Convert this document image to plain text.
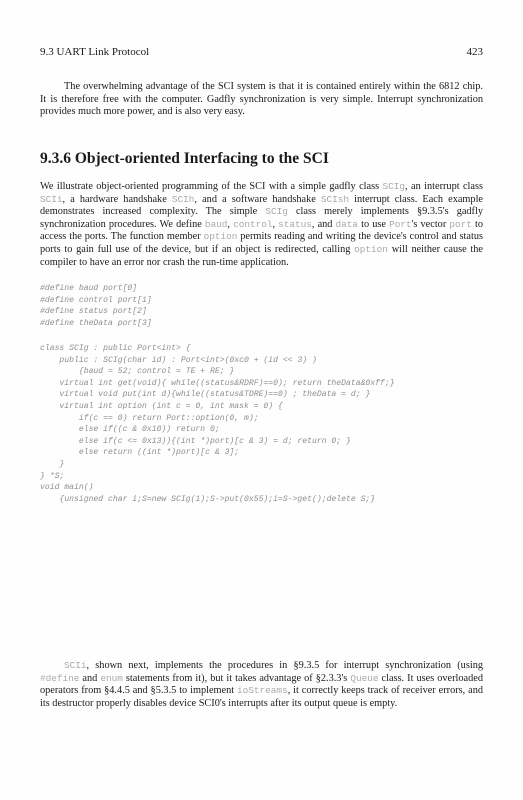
9.3 UART Link Protocol	423

The overwhelming advantage of the SCI system is that it is contained entirely within the 6812 chip. It is therefore free with the computer. Gadfly synchronization is very simple. Interrupt synchronization provides much more power, and is also very easy.

9.3.6 Object-oriented Interfacing to the SCI

We illustrate object-oriented programming of the SCI with a simple gadfly class SCIg, an interrupt class SCIi, a hardware handshake SCIh, and a software handshake SCIsh interrupt class. Each example demonstrates increased complexity. The simple SCIg class merely implements §9.3.5's gadfly synchronization procedures. We define baud, control, status, and data to use Port's vector port to access the ports. The function member option permits reading and writing the device's control and status ports to gain full use of the device, but if an object is redirected, calling option will neither cause the compiler to have an error nor crash the run-time application.

#define baud port[0]
#define control port[1]
#define status port[2]
#define theData port[3]
class SCIg : public Port<int> {
public : SCIg(char id) : Port<int>(0xc0 + (id << 3) )
{baud = 52; control = TE + RE; }
virtual int get(void){ while((status&RDRF)==0); return theData&0xff;}
virtual void put(int d){while((status&TDRE)==0) ; theData = d; }
virtual int option (int c = 0, int mask = 0) {
if(c == 0) return Port::option(0, m);
else if((c & 0x10)) return 0;
else if(c <= 0x13)){(int *)port)[c & 3) = d; return 0; }
else return ((int *)port)[c & 3];
}
} *S;
void main()
{unsigned char i;S=new SCIg(1);S->put(0x55);i=S->get();delete S;}

SCIi, shown next, implements the procedures in §9.3.5 for interrupt synchronization (using #define and enum statements from it), but it takes advantage of §2.3.3's Queue class. It uses overloaded operators from §4.4.5 and §5.3.5 to implement ioStreams, it correctly keeps track of receiver errors, and its destructor properly disables device SCI0's interrupts after its output queue is empty.
